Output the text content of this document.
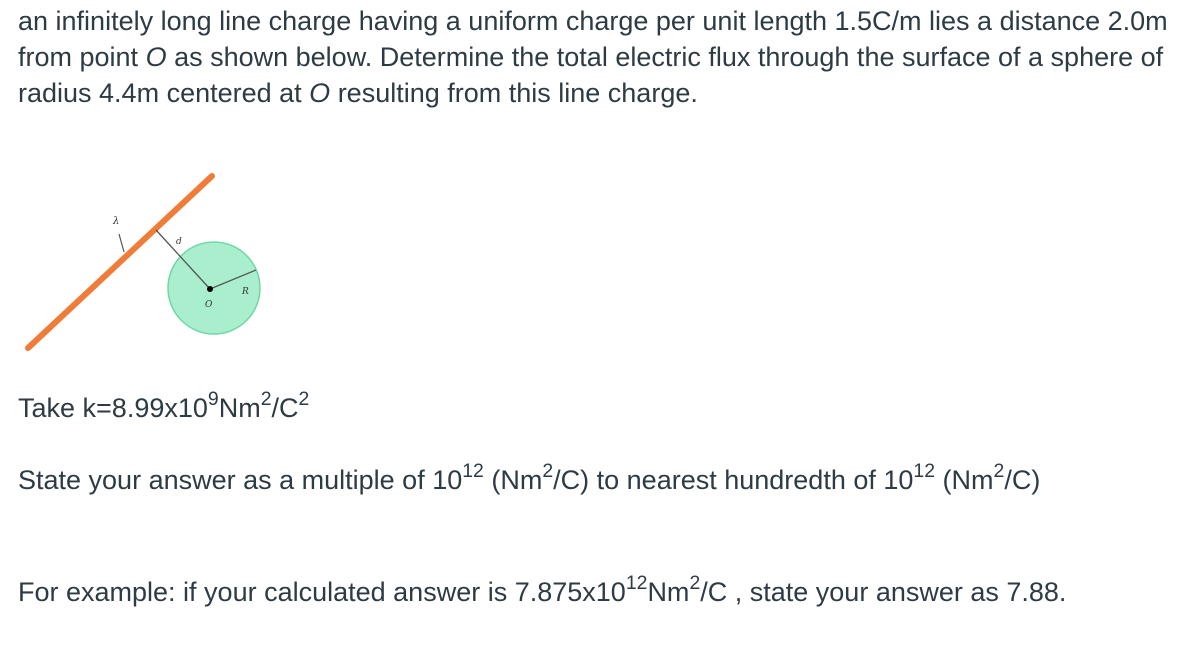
an infinitely long line charge having a uniform charge per unit length 1.5C/m lies a distance 2.0m from point O as shown below. Determine the total electric flux through the surface of a sphere of radius 4.4m centered at O resulting from this line charge.

λ
d
R
O
Take $k=8.99x10^9Nm^2/C^2$
State your answer as a multiple of $10^{12}$ (Nm$^2$/C) to nearest hundredth of $10^{12}$ (Nm$^2$/C)
For example: if your calculated answer is $7.875x10^{12}Nm^2/C$ , state your answer as 7.88.
